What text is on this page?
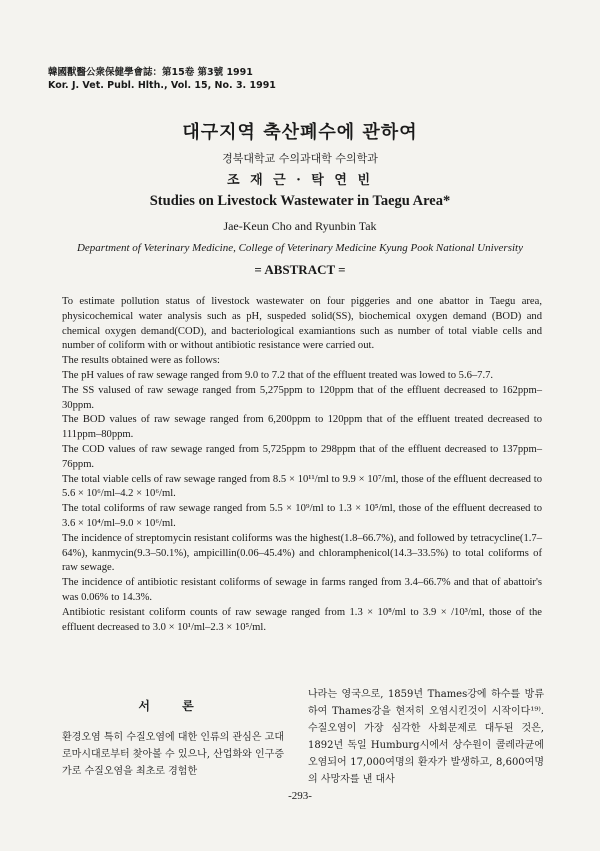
韓國獸醫公衆保健學會誌：第15卷 第3號 1991
Kor. J. Vet. Publ. Hlth., Vol. 15, No. 3. 1991
대구지역 축산폐수에 관하여
경북대학교 수의과대학 수의학과
조 재 근 · 탁 연 빈
Studies on Livestock Wastewater in Taegu Area*
Jae-Keun Cho and Ryunbin Tak
Department of Veterinary Medicine, College of Veterinary Medicine Kyung Pook National University
= ABSTRACT =

To estimate pollution status of livestock wastewater on four piggeries and one abattor in Taegu area, physicochemical water analysis such as pH, suspeded solid(SS), biochemical oxygen demand (BOD) and chemical oxygen demand(COD), and bacteriological examiantions such as number of total viable cells and number of coliform with or without antibiotic resistance were carried out.

The results obtained were as follows:

The pH values of raw sewage ranged from 9.0 to 7.2 that of the effluent treated was lowed to 5.6–7.7.

The SS valused of raw sewage ranged from 5,275ppm to 120ppm that of the effluent decreased to 162ppm–30ppm.

The BOD values of raw sewage ranged from 6,200ppm to 120ppm that of the effluent treated decreased to 111ppm–80ppm.

The COD values of raw sewage ranged from 5,725ppm to 298ppm that of the effluent decreased to 137ppm–76ppm.

The total viable cells of raw sewage ranged from 8.5 × 10¹¹/ml to 9.9 × 10⁷/ml, those of the effluent decreased to 5.6 × 10⁶/ml–4.2 × 10⁶/ml.

The total coliforms of raw sewage ranged from 5.5 × 10⁹/ml to 1.3 × 10⁵/ml, those of the effluent decreased to 3.6 × 10⁴/ml–9.0 × 10⁶/ml.

The incidence of streptomycin resistant coliforms was the highest(1.8–66.7%), and followed by tetracycline(1.7–64%), kanmycin(9.3–50.1%), ampicillin(0.06–45.4%) and chloramphenicol(14.3–33.5%) to total coliforms of raw sewage.

The incidence of antibiotic resistant coliforms of sewage in farms ranged from 3.4–66.7% and that of abattoir's was 0.06% to 14.3%.

Antibiotic resistant coliform counts of raw sewage ranged from 1.3 × 10⁸/ml to 3.9 × /10³/ml, those of the effluent decreased to 3.0 × 10¹/ml–2.3 × 10⁵/ml.

서 론

환경오염 특히 수질오염에 대한 인류의 관심은 고대 로마시대로부터 찾아볼 수 있으나, 산업화와 인구증가로 수질오염을 최초로 경험한

나라는 영국으로, 1859년 Thames강에 하수를 방류하여 Thames강을 현저히 오염시킨것이 시작이다¹⁹⁾. 수질오염이 가장 심각한 사회문제로 대두된 것은, 1892년 독일 Humburg시에서 상수원이 콜레라균에 오염되어 17,000여명의 환자가 발생하고, 8,600여명의 사망자를 낸 대사

-293-
